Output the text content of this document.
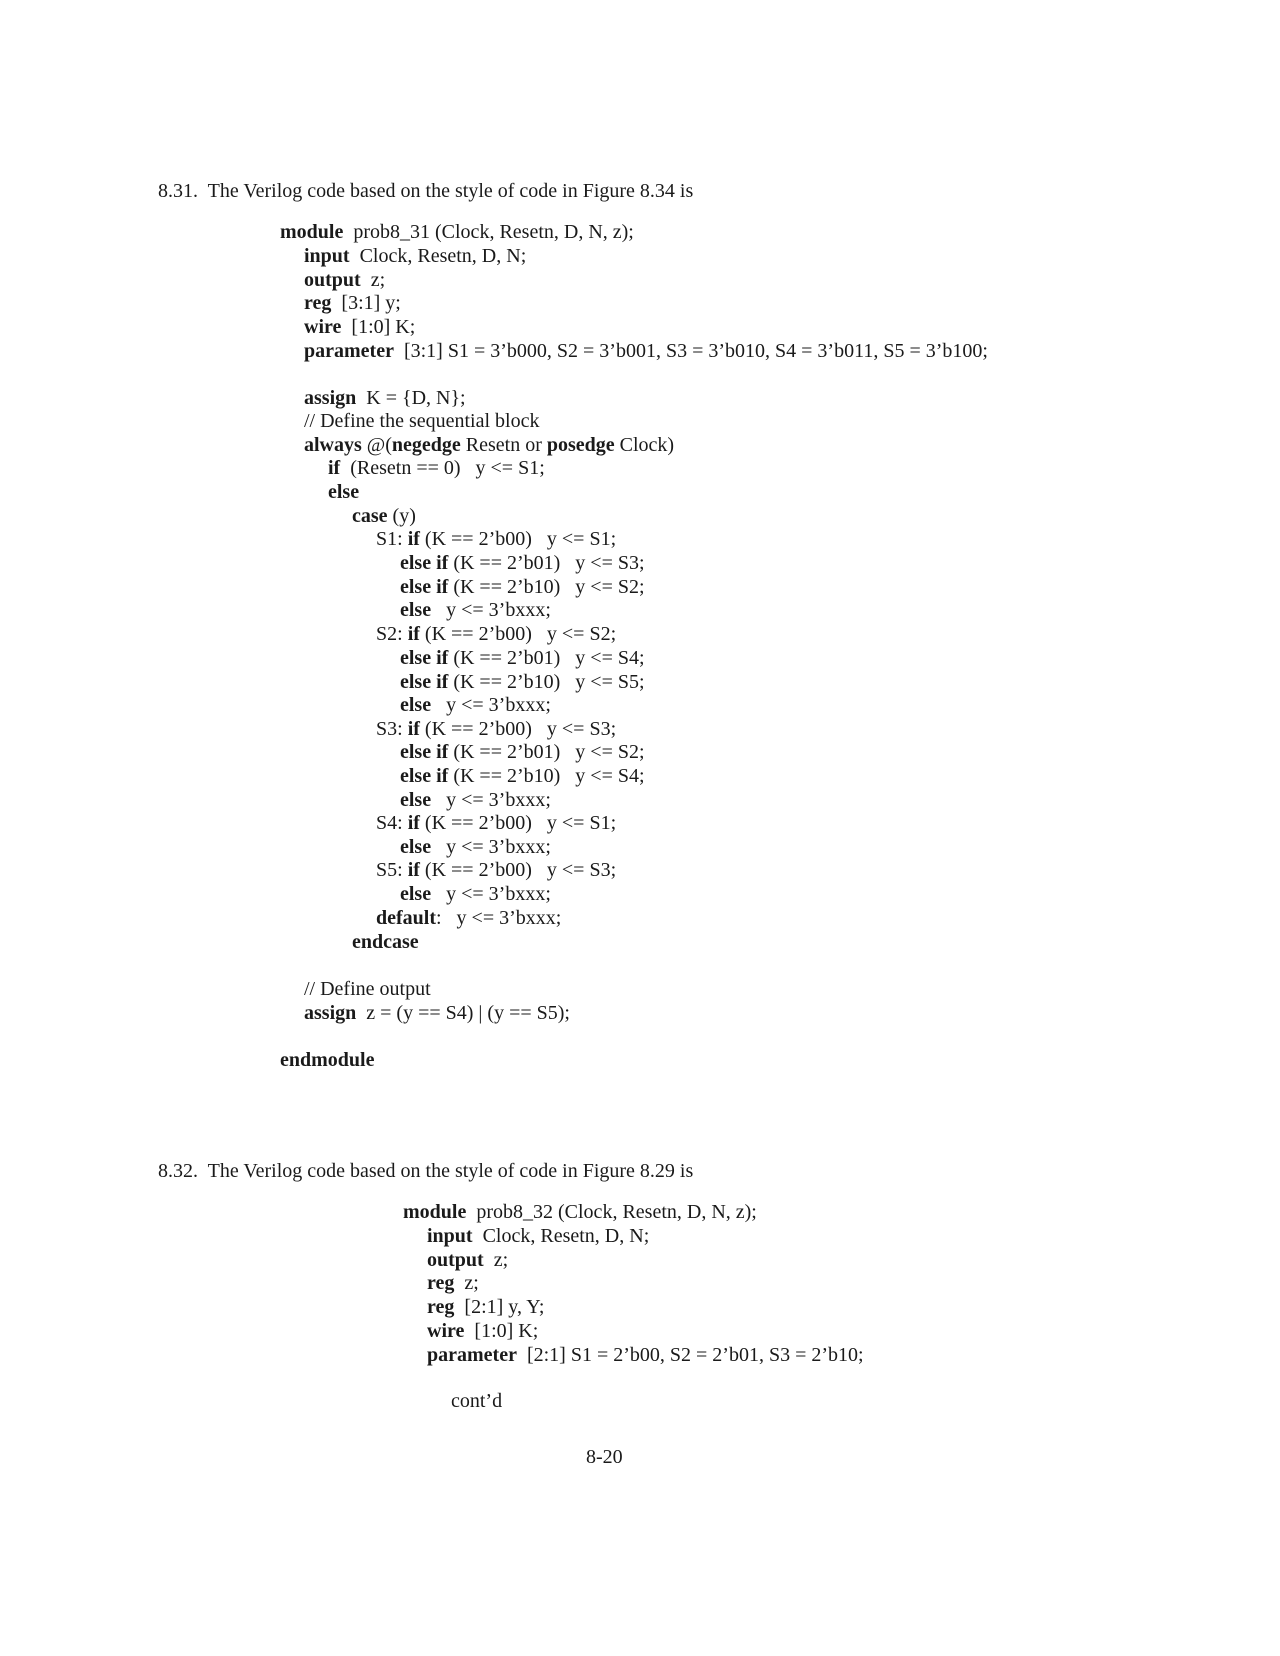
8.31.  The Verilog code based on the style of code in Figure 8.34 is
module  prob8_31 (Clock, Resetn, D, N, z);
input  Clock, Resetn, D, N;
output  z;
reg  [3:1] y;
wire  [1:0] K;
parameter  [3:1] S1 = 3’b000, S2 = 3’b001, S3 = 3’b010, S4 = 3’b011, S5 = 3’b100;
assign  K = {D, N};
// Define the sequential block
always @(negedge Resetn or posedge Clock)
if  (Resetn == 0)   y <= S1;
else
case (y)
S1: if (K == 2’b00)   y <= S1;
else if (K == 2’b01)   y <= S3;
else if (K == 2’b10)   y <= S2;
else   y <= 3’bxxx;
S2: if (K == 2’b00)   y <= S2;
else if (K == 2’b01)   y <= S4;
else if (K == 2’b10)   y <= S5;
else   y <= 3’bxxx;
S3: if (K == 2’b00)   y <= S3;
else if (K == 2’b01)   y <= S2;
else if (K == 2’b10)   y <= S4;
else   y <= 3’bxxx;
S4: if (K == 2’b00)   y <= S1;
else   y <= 3’bxxx;
S5: if (K == 2’b00)   y <= S3;
else   y <= 3’bxxx;
default:   y <= 3’bxxx;
endcase
// Define output
assign  z = (y == S4) | (y == S5);
endmodule
8.32.  The Verilog code based on the style of code in Figure 8.29 is
module  prob8_32 (Clock, Resetn, D, N, z);
input  Clock, Resetn, D, N;
output  z;
reg  z;
reg  [2:1] y, Y;
wire  [1:0] K;
parameter  [2:1] S1 = 2’b00, S2 = 2’b01, S3 = 2’b10;
cont’d
8-20
